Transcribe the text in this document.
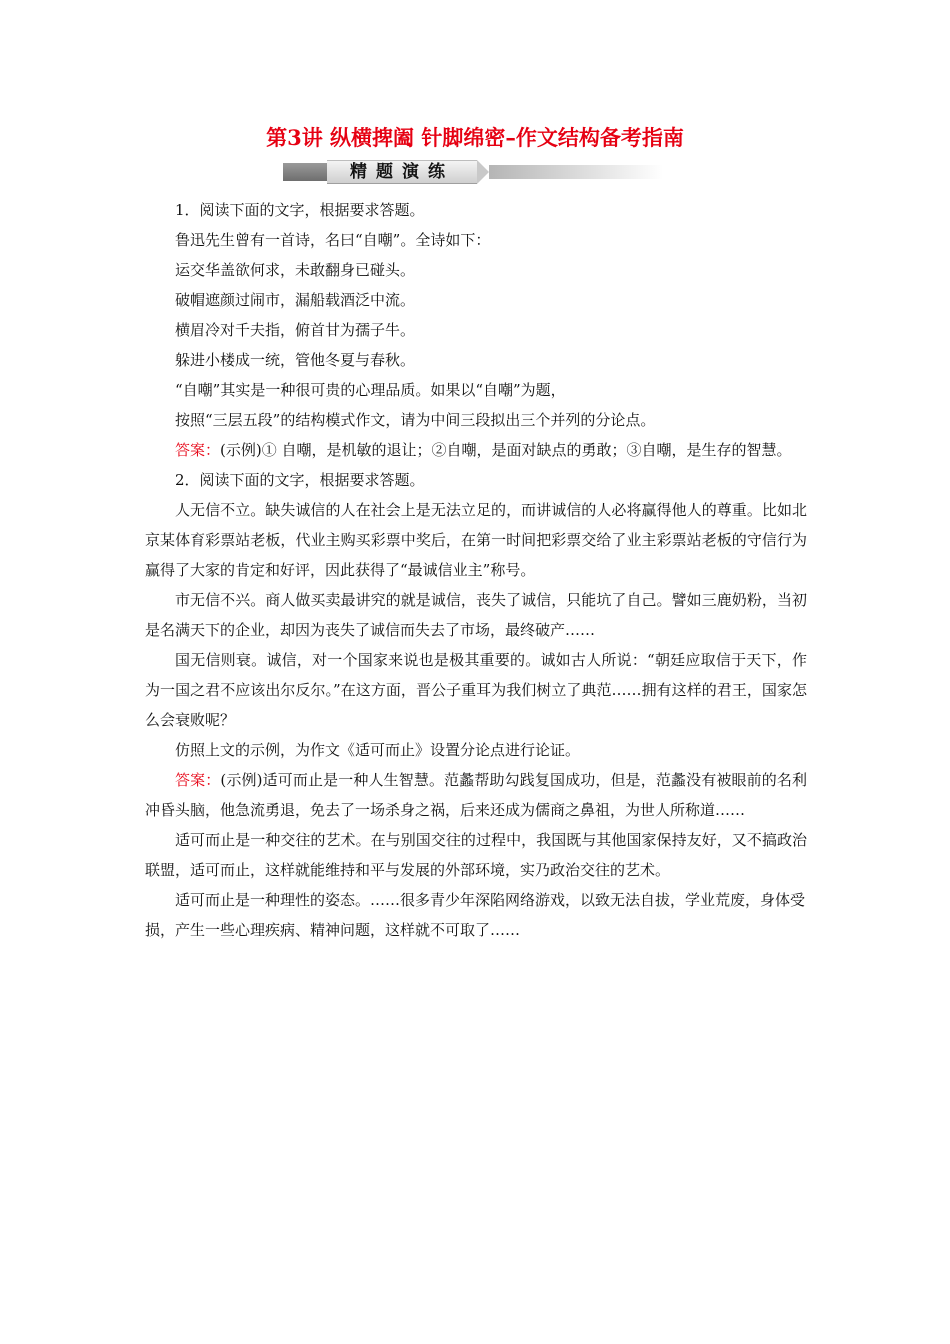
第3讲 纵横捭阖 针脚绵密–作文结构备考指南
精题演练

1．阅读下面的文字，根据要求答题。

鲁迅先生曾有一首诗，名曰“自嘲”。全诗如下：

运交华盖欲何求，未敢翻身已碰头。

破帽遮颜过闹市，漏船载酒泛中流。

横眉冷对千夫指，俯首甘为孺子牛。

躲进小楼成一统，管他冬夏与春秋。

“自嘲”其实是一种很可贵的心理品质。如果以“自嘲”为题，

按照“三层五段”的结构模式作文，请为中间三段拟出三个并列的分论点。

答案：(示例)① 自嘲，是机敏的退让；②自嘲，是面对缺点的勇敢；③自嘲，是生存的智慧。

2．阅读下面的文字，根据要求答题。

人无信不立。缺失诚信的人在社会上是无法立足的，而讲诚信的人必将赢得他人的尊重。比如北京某体育彩票站老板，代业主购买彩票中奖后，在第一时间把彩票交给了业主彩票站老板的守信行为赢得了大家的肯定和好评，因此获得了“最诚信业主”称号。

市无信不兴。商人做买卖最讲究的就是诚信，丧失了诚信，只能坑了自己。譬如三鹿奶粉，当初是名满天下的企业，却因为丧失了诚信而失去了市场，最终破产……

国无信则衰。诚信，对一个国家来说也是极其重要的。诚如古人所说：“朝廷应取信于天下，作为一国之君不应该出尔反尔。”在这方面，晋公子重耳为我们树立了典范……拥有这样的君王，国家怎么会衰败呢？

仿照上文的示例，为作文《适可而止》设置分论点进行论证。

答案：(示例)适可而止是一种人生智慧。范蠡帮助勾践复国成功，但是，范蠡没有被眼前的名利冲昏头脑，他急流勇退，免去了一场杀身之祸，后来还成为儒商之鼻祖，为世人所称道……

适可而止是一种交往的艺术。在与别国交往的过程中，我国既与其他国家保持友好，又不搞政治联盟，适可而止，这样就能维持和平与发展的外部环境，实乃政治交往的艺术。

适可而止是一种理性的姿态。……很多青少年深陷网络游戏，以致无法自拔，学业荒废，身体受损，产生一些心理疾病、精神问题，这样就不可取了……
